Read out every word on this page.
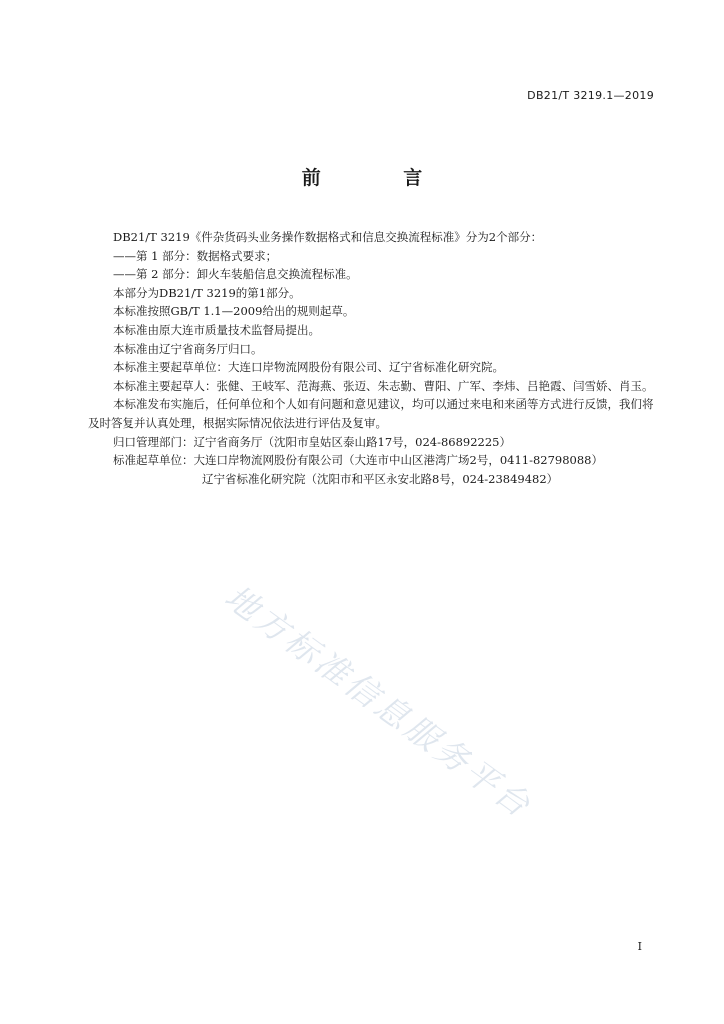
DB21/T 3219.1—2019
前 言

DB21/T 3219《件杂货码头业务操作数据格式和信息交换流程标准》分为2个部分：

——第 1 部分：数据格式要求；

——第 2 部分：卸火车装船信息交换流程标准。

本部分为DB21/T 3219的第1部分。

本标准按照GB/T 1.1—2009给出的规则起草。

本标准由原大连市质量技术监督局提出。

本标准由辽宁省商务厅归口。

本标准主要起草单位：大连口岸物流网股份有限公司、辽宁省标准化研究院。

本标准主要起草人：张健、王岐军、范海燕、张迈、朱志勤、曹阳、广军、李炜、吕艳霞、闫雪娇、肖玉。

本标准发布实施后，任何单位和个人如有问题和意见建议，均可以通过来电和来函等方式进行反馈，我们将及时答复并认真处理，根据实际情况依法进行评估及复审。

归口管理部门：辽宁省商务厅（沈阳市皇姑区泰山路17号，024-86892225）

标准起草单位：大连口岸物流网股份有限公司（大连市中山区港湾广场2号，0411-82798088）

辽宁省标准化研究院（沈阳市和平区永安北路8号，024-23849482）

地方标准信息服务平台
I
